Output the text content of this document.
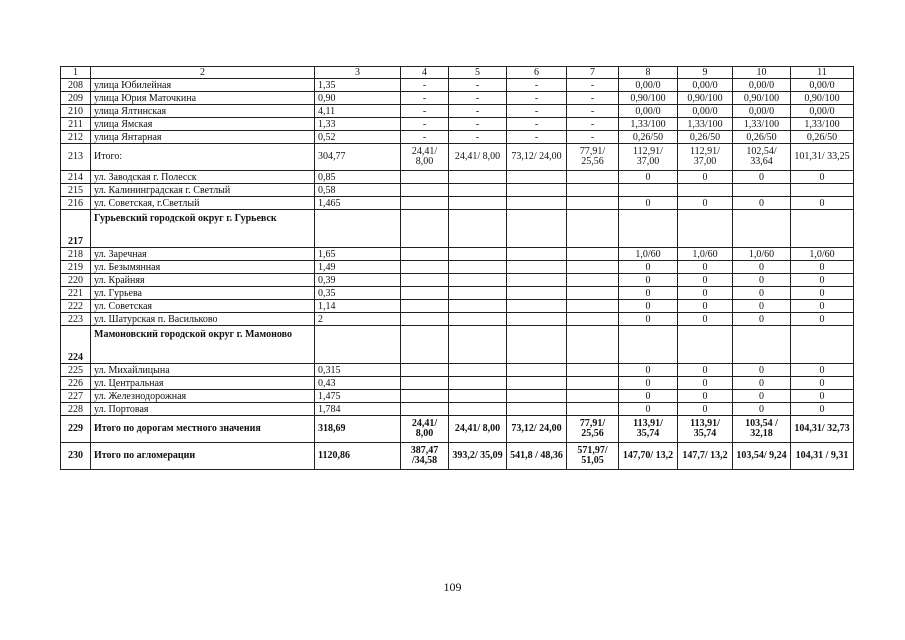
1	2	3	4	5	6	7	8	9	10	11
208	улица Юбилейная	1,35	-	-	-	-	0,00/0	0,00/0	0,00/0	0,00/0
209	улица Юрия Маточкина	0,90	-	-	-	-	0,90/100	0,90/100	0,90/100	0,90/100
210	улица Ялтинская	4,11	-	-	-	-	0,00/0	0,00/0	0,00/0	0,00/0
211	улица Ямская	1,33	-	-	-	-	1,33/100	1,33/100	1,33/100	1,33/100
212	улица Янтарная	0,52	-	-	-	-	0,26/50	0,26/50	0,26/50	0,26/50
213	Итого:	304,77	24,41/ 8,00	24,41/ 8,00	73,12/ 24,00	77,91/ 25,56	112,91/ 37,00	112,91/ 37,00	102,54/ 33,64	101,31/ 33,25
214	ул. Заводская г. Полесск	0,85					0	0	0	0
215	ул. Калининградская г. Светлый	0,58								
216	ул. Советская, г.Светлый	1,465					0	0	0	0
217	Гурьевский городской округ г. Гурьевск									
218	ул. Заречная	1,65					1,0/60	1,0/60	1,0/60	1,0/60
219	ул. Безымянная	1,49					0	0	0	0
220	ул. Крайняя	0,39					0	0	0	0
221	ул. Гурьева	0,35					0	0	0	0
222	ул. Советская	1,14					0	0	0	0
223	ул. Шатурская п. Васильково	2					0	0	0	0
224	Мамоновский городской округ г. Мамоново									
225	ул. Михайлицына	0,315					0	0	0	0
226	ул. Центральная	0,43					0	0	0	0
227	ул. Железнодорожная	1,475					0	0	0	0
228	ул. Портовая	1,784					0	0	0	0
229	Итого по дорогам местного значения	318,69	24,41/ 8,00	24,41/ 8,00	73,12/ 24,00	77,91/ 25,56	113,91/ 35,74	113,91/ 35,74	103,54 / 32,18	104,31/ 32,73
230	Итого по агломерации	1120,86	387,47 /34,58	393,2/ 35,09	541,8 / 48,36	571,97/ 51,05	147,70/ 13,2	147,7/ 13,2	103,54/ 9,24	104,31 / 9,31
109
